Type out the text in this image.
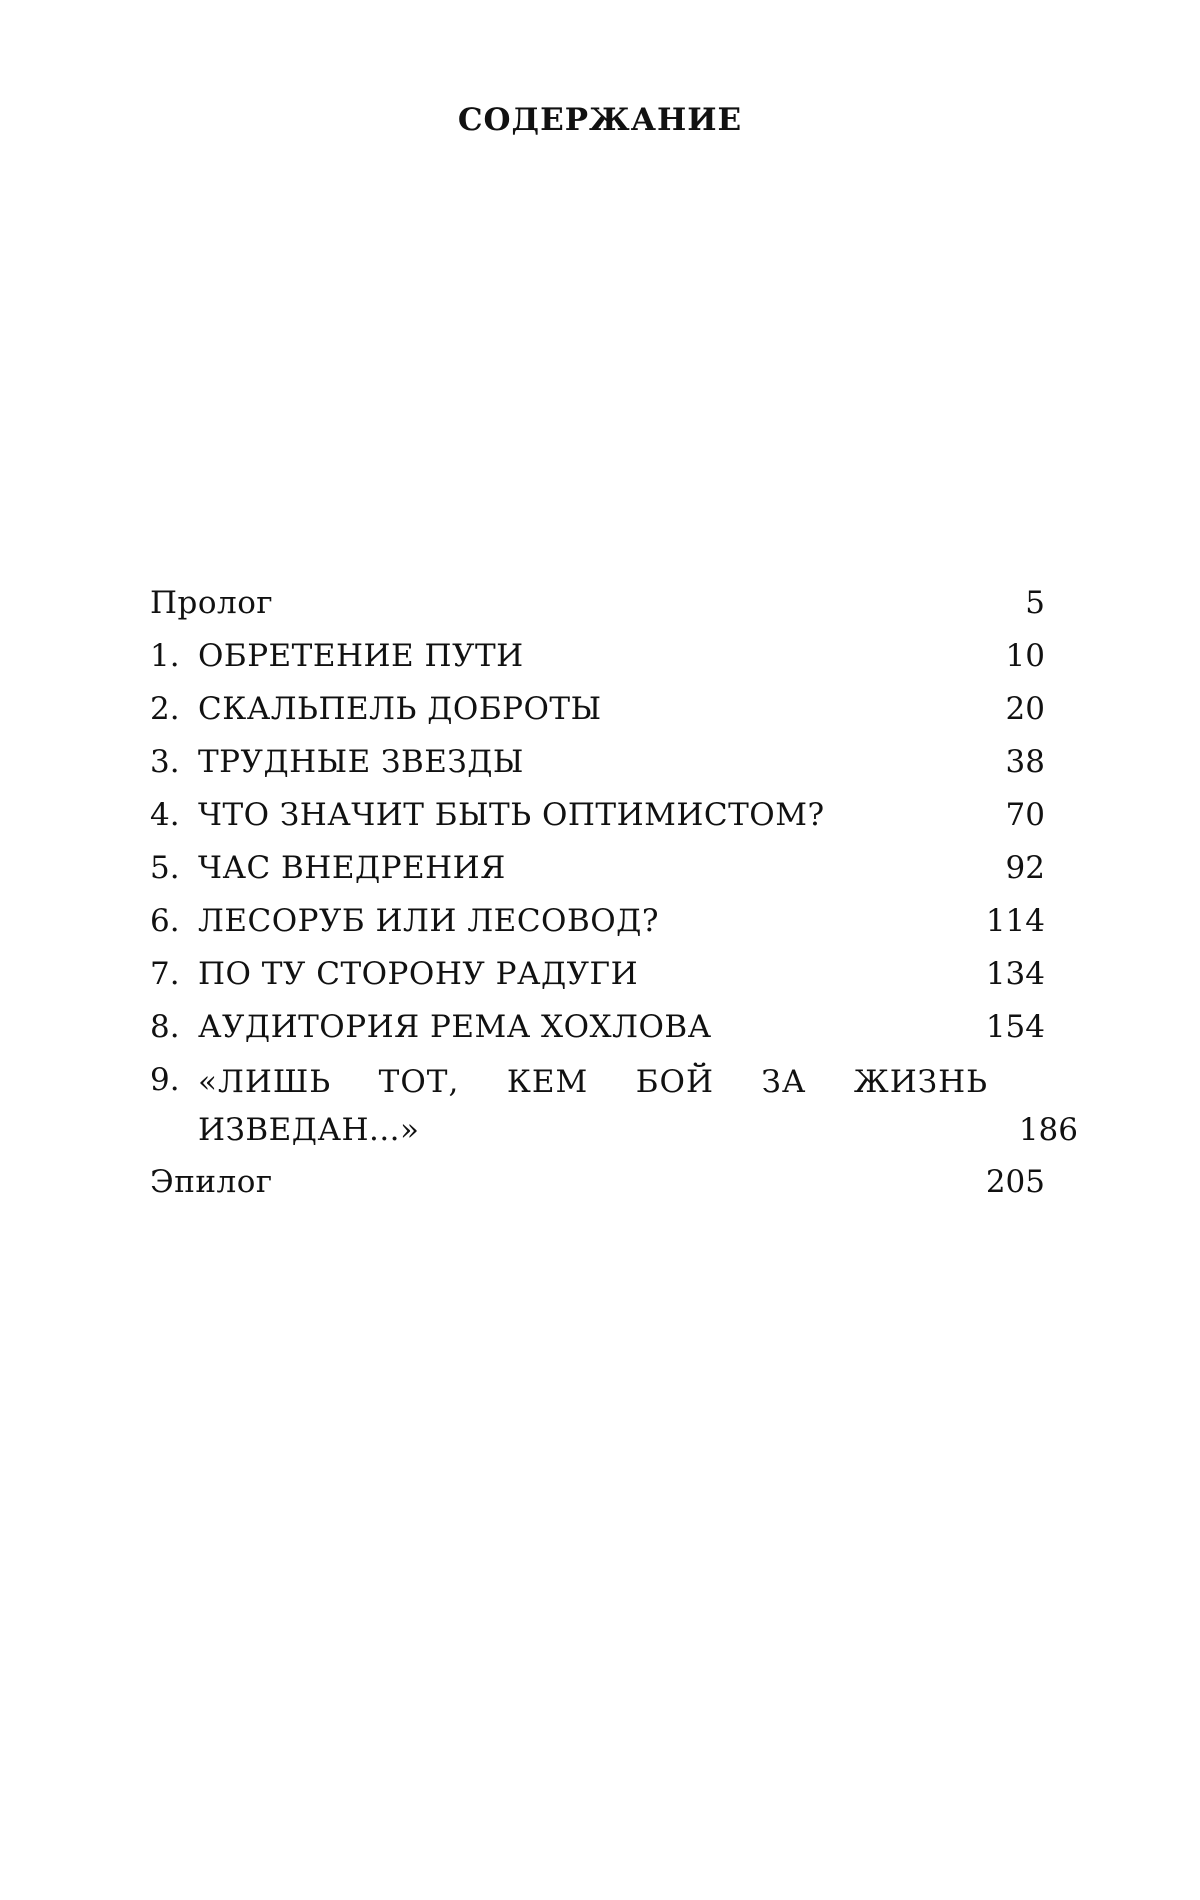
СОДЕРЖАНИЕ
Пролог	5
1. ОБРЕТЕНИЕ ПУТИ	10
2. СКАЛЬПЕЛЬ ДОБРОТЫ	20
3. ТРУДНЫЕ ЗВЕЗДЫ	38
4. ЧТО ЗНАЧИТ БЫТЬ ОПТИМИСТОМ?	70
5. ЧАС ВНЕДРЕНИЯ	92
6. ЛЕСОРУБ ИЛИ ЛЕСОВОД?	114
7. ПО ТУ СТОРОНУ РАДУГИ	134
8. АУДИТОРИЯ РЕМА ХОХЛОВА	154
9. «ЛИШЬ ТОТ, КЕМ БОЙ ЗА ЖИЗНЬ
ИЗВЕДАН...»	186
Эпилог	205
